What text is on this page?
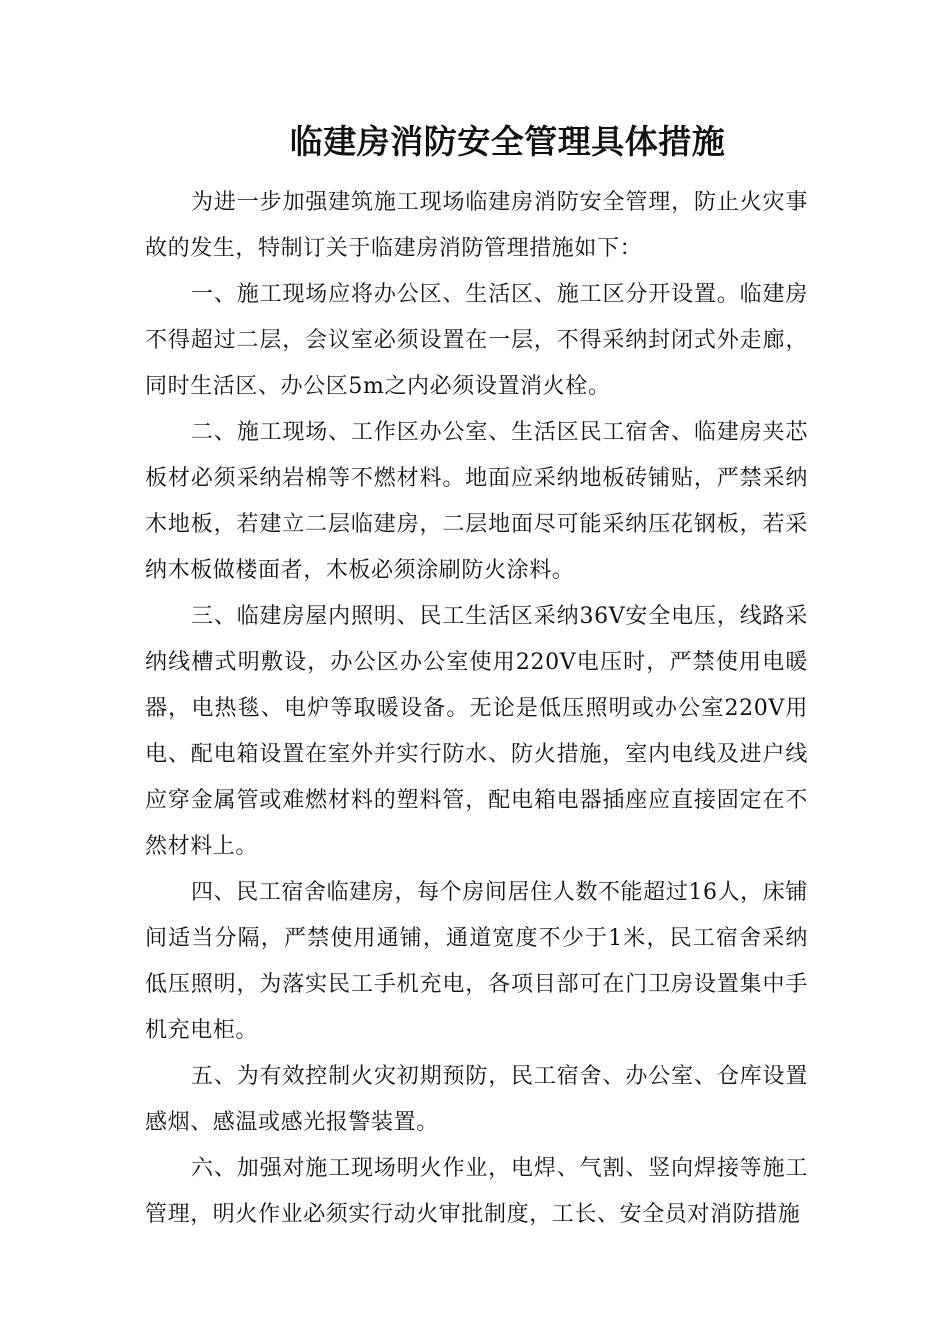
临建房消防安全管理具体措施

为进一步加强建筑施工现场临建房消防安全管理，防止火灾事故的发生，特制订关于临建房消防管理措施如下：

一、施工现场应将办公区、生活区、施工区分开设置。临建房不得超过二层，会议室必须设置在一层，不得采纳封闭式外走廊，同时生活区、办公区5m之内必须设置消火栓。

二、施工现场、工作区办公室、生活区民工宿舍、临建房夹芯板材必须采纳岩棉等不燃材料。地面应采纳地板砖铺贴，严禁采纳木地板，若建立二层临建房，二层地面尽可能采纳压花钢板，若采纳木板做楼面者，木板必须涂刷防火涂料。

三、临建房屋内照明、民工生活区采纳36V安全电压，线路采纳线槽式明敷设，办公区办公室使用220V电压时，严禁使用电暖器，电热毯、电炉等取暖设备。无论是低压照明或办公室220V用电、配电箱设置在室外并实行防水、防火措施，室内电线及进户线应穿金属管或难燃材料的塑料管，配电箱电器插座应直接固定在不然材料上。

四、民工宿舍临建房，每个房间居住人数不能超过16人，床铺间适当分隔，严禁使用通铺，通道宽度不少于1米，民工宿舍采纳低压照明，为落实民工手机充电，各项目部可在门卫房设置集中手机充电柜。

五、为有效控制火灾初期预防，民工宿舍、办公室、仓库设置感烟、感温或感光报警装置。

六、加强对施工现场明火作业，电焊、气割、竖向焊接等施工管理，明火作业必须实行动火审批制度，工长、安全员对消防措施
